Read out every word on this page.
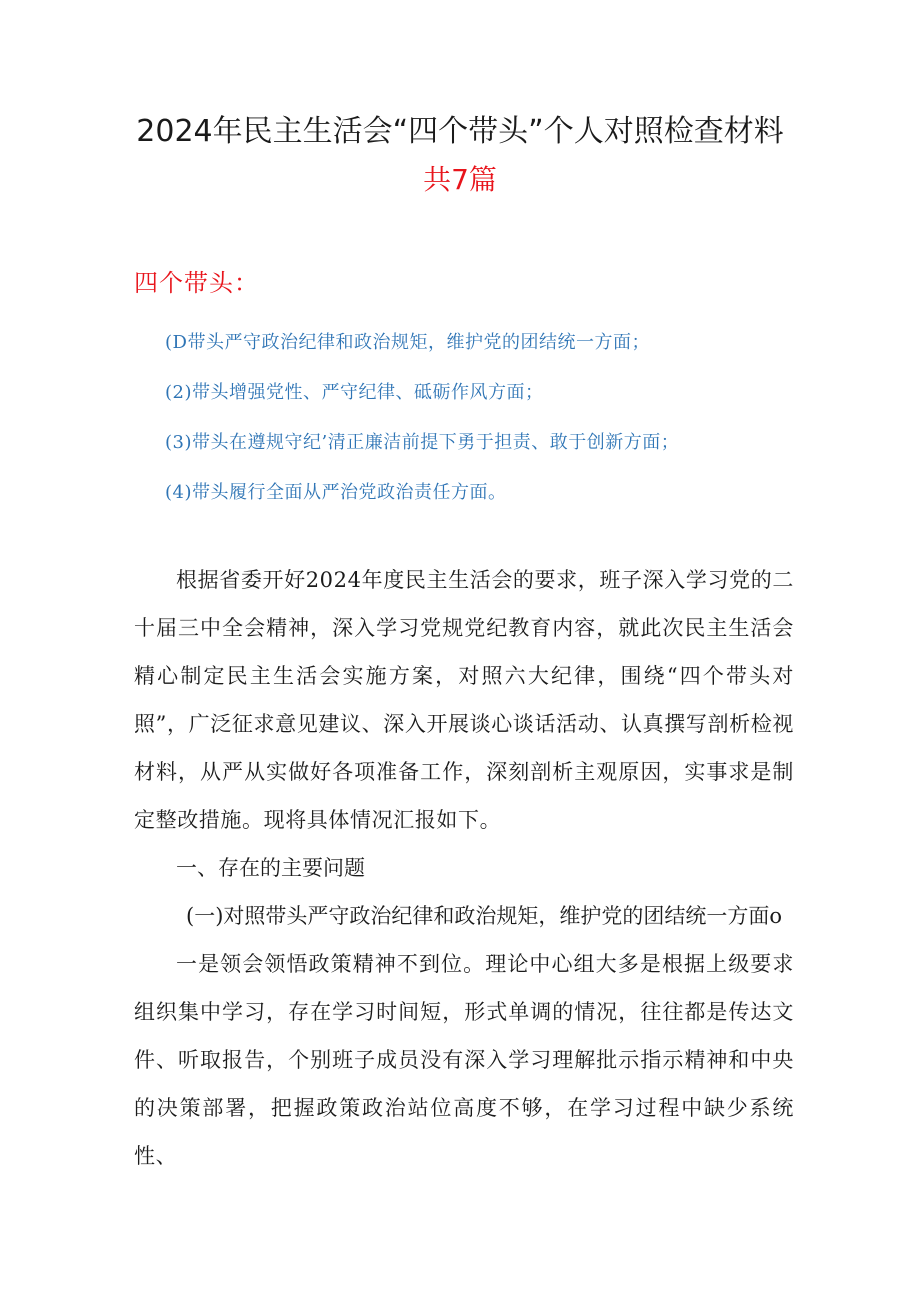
2024年民主生活会“四个带头”个人对照检查材料
共7篇
四个带头：
(D带头严守政治纪律和政治规矩，维护党的团结统一方面；
(2)带头增强党性、严守纪律、砥砺作风方面；
(3)带头在遵规守纪’清正廉洁前提下勇于担责、敢于创新方面；
(4)带头履行全面从严治党政治责任方面。

根据省委开好2024年度民主生活会的要求，班子深入学习党的二十届三中全会精神，深入学习党规党纪教育内容，就此次民主生活会精心制定民主生活会实施方案，对照六大纪律，围绕“四个带头对照”，广泛征求意见建议、深入开展谈心谈话活动、认真撰写剖析检视材料，从严从实做好各项准备工作，深刻剖析主观原因，实事求是制定整改措施。现将具体情况汇报如下。

一、存在的主要问题

(一)对照带头严守政治纪律和政治规矩，维护党的团结统一方面o

一是领会领悟政策精神不到位。理论中心组大多是根据上级要求组织集中学习，存在学习时间短，形式单调的情况，往往都是传达文件、听取报告，个别班子成员没有深入学习理解批示指示精神和中央的决策部署，把握政策政治站位高度不够，在学习过程中缺少系统性、
